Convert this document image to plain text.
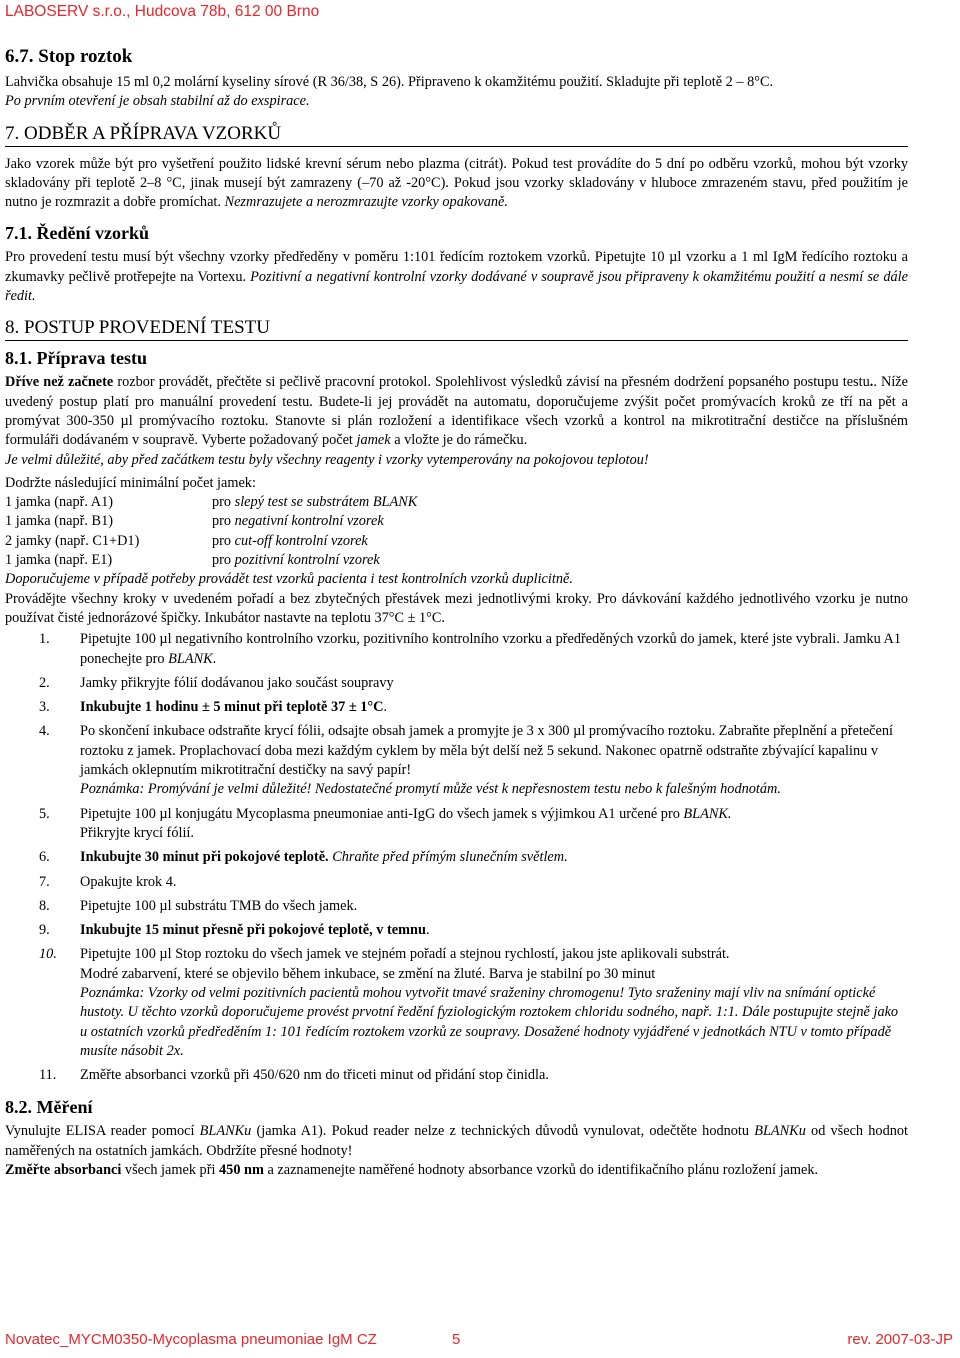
LABOSERV s.r.o., Hudcova 78b, 612 00 Brno
6.7. Stop roztok

Lahvička obsahuje 15 ml 0,2 molární kyseliny sírové (R 36/38, S 26). Připraveno k okamžitému použití. Skladujte při teplotě 2 – 8°C.

Po prvním otevření je obsah stabilní až do exspirace.

7. ODBĚR A PŘÍPRAVA VZORKŮ

Jako vzorek může být pro vyšetření použito lidské krevní sérum nebo plazma (citrát). Pokud test provádíte do 5 dní po odběru vzorků, mohou být vzorky skladovány při teplotě 2–8 °C, jinak musejí být zamrazeny (–70 až -20°C). Pokud jsou vzorky skladovány v hluboce zmrazeném stavu, před použitím je nutno je rozmrazit a dobře promíchat. Nezmrazujete a nerozmrazujte vzorky opakovaně.

7.1. Ředění vzorků

Pro provedení testu musí být všechny vzorky předředěny v poměru 1:101 ředícím roztokem vzorků. Pipetujte 10 µl vzorku a 1 ml IgM ředícího roztoku a zkumavky pečlivě protřepejte na Vortexu. Pozitivní a negativní kontrolní vzorky dodávané v soupravě jsou připraveny k okamžitému použití a nesmí se dále ředit.

8. POSTUP PROVEDENÍ TESTU
8.1. Příprava testu

Dříve než začnete rozbor provádět, přečtěte si pečlivě pracovní protokol. Spolehlivost výsledků závisí na přesném dodržení popsaného postupu testu.. Níže uvedený postup platí pro manuální provedení testu. Budete-li jej provádět na automatu, doporučujeme zvýšit počet promývacích kroků ze tří na pět a promývat 300-350 µl promývacího roztoku. Stanovte si plán rozložení a identifikace všech vzorků a kontrol na mikrotitrační destičce na příslušném formuláři dodávaném v soupravě. Vyberte požadovaný počet jamek a vložte je do rámečku.

Je velmi důležité, aby před začátkem testu byly všechny reagenty i vzorky vytemperovány na pokojovou teplotou!

Dodržte následující minimální počet jamek:

1 jamka (např. A1)	pro slepý test se substrátem BLANK
1 jamka (např. B1)	pro negativní kontrolní vzorek
2 jamky (např. C1+D1)	pro cut-off kontrolní vzorek
1 jamka (např. E1)	pro pozitivní kontrolní vzorek

Doporučujeme v případě potřeby provádět test vzorků pacienta i test kontrolních vzorků duplicitně.

Provádějte všechny kroky v uvedeném pořadí a bez zbytečných přestávek mezi jednotlivými kroky. Pro dávkování každého jednotlivého vzorku je nutno používat čisté jednorázové špičky. Inkubátor nastavte na teplotu 37°C ± 1°C.

1.	Pipetujte 100 µl negativního kontrolního vzorku, pozitivního kontrolního vzorku a předředěných vzorků do jamek, které jste vybrali. Jamku A1 ponechejte pro BLANK.
2.	Jamky přikryjte fólií dodávanou jako součást soupravy
3.	Inkubujte 1 hodinu ± 5 minut při teplotě 37 ± 1°C.
4.	Po skončení inkubace odstraňte krycí fólii, odsajte obsah jamek a promyjte je 3 x 300 µl promývacího roztoku. Zabraňte přeplnění a přetečení roztoku z jamek. Proplachovací doba mezi každým cyklem by měla být delší než 5 sekund. Nakonec opatrně odstraňte zbývající kapalinu v jamkách oklepnutím mikrotitrační destičky na savý papír!
Poznámka: Promývání je velmi důležité! Nedostatečné promytí může vést k nepřesnostem testu nebo k falešným hodnotám.
5.	Pipetujte 100 µl konjugátu Mycoplasma pneumoniae anti-IgG do všech jamek s výjimkou A1 určené pro BLANK.
Přikryjte krycí fólií.
6.	Inkubujte 30 minut při pokojové teplotě. Chraňte před přímým slunečním světlem.
7.	Opakujte krok 4.
8.	Pipetujte 100 µl substrátu TMB do všech jamek.
9.	Inkubujte 15 minut přesně při pokojové teplotě, v temnu.
10.	Pipetujte 100 µl Stop roztoku do všech jamek ve stejném pořadí a stejnou rychlostí, jakou jste aplikovali substrát.
Modré zabarvení, které se objevilo během inkubace, se změní na žluté. Barva je stabilní po 30 minut
Poznámka: Vzorky od velmi pozitivních pacientů mohou vytvořit tmavé sraženiny chromogenu! Tyto sraženiny mají vliv na snímání optické hustoty. U těchto vzorků doporučujeme provést prvotní ředění fyziologickým roztokem chloridu sodného, např. 1:1. Dále postupujte stejně jako u ostatních vzorků předředěním 1: 101 ředícím roztokem vzorků ze soupravy. Dosažené hodnoty vyjádřené v jednotkách NTU v tomto případě musíte násobit 2x.
11.	Změřte absorbanci vzorků při 450/620 nm do třiceti minut od přidání stop činidla.
8.2. Měření

Vynulujte ELISA reader pomocí BLANKu (jamka A1). Pokud reader nelze z technických důvodů vynulovat, odečtěte hodnotu BLANKu od všech hodnot naměřených na ostatních jamkách. Obdržíte přesné hodnoty!

Změřte absorbanci všech jamek při 450 nm a zaznamenejte naměřené hodnoty absorbance vzorků do identifikačního plánu rozložení jamek.

Novatec_MYCM0350-Mycoplasma pneumoniae IgM CZ	5	rev. 2007-03-JP
